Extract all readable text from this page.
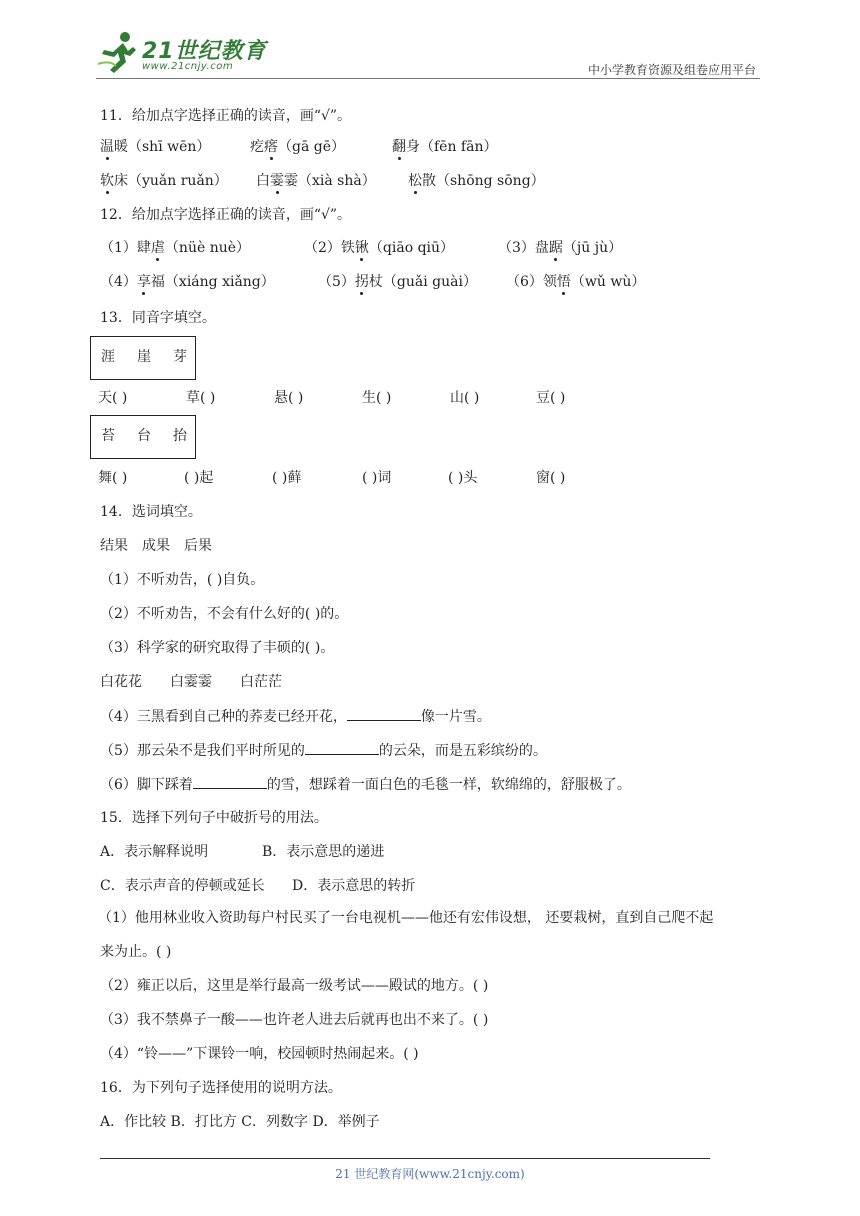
21世纪教育
www.21cnjy.com	中小学教育资源及组卷应用平台
11．给加点字选择正确的读音，画“√”。
温暖（shī wēn）	疙瘩（gā gē）	翻身（fēn fān）
软床（yuǎn ruǎn） 白霎霎（xià shà） 松散（shōng sōng）
12．给加点字选择正确的读音，画“√”。
（1）肆虐（nüè nuè）	（2）铁锹（qiāo qiū）	（3）盘踞（jū jù）
（4）享福（xiáng xiǎng）	（5）拐杖（guǎi guài） （6）领悟（wǔ wù）
13．同音字填空。
涯 崖 芽
天( )	草( )	悬( )	生( )	山( )	豆( )
苔 台 抬
舞( )	( )起	( )藓	( )词	( )头	窗( )
14．选词填空。
结果　成果　后果
（1）不听劝告，( )自负。
（2）不听劝告，不会有什么好的( )的。
（3）科学家的研究取得了丰硕的( )。
白花花　　白霎霎　　白茫茫
（4）三黑看到自己种的荞麦已经开花，	像一片雪。
（5）那云朵不是我们平时所见的	的云朵，而是五彩缤纷的。
（6）脚下踩着	的雪，想踩着一面白色的毛毯一样，软绵绵的，舒服极了。
15．选择下列句子中破折号的用法。
A．表示解释说明	B．表示意思的递进
C．表示声音的停顿或延长 D．表示意思的转折
（1）他用林业收入资助每户村民买了一台电视机——他还有宏伟设想， 还要栽树，直到自己爬不起
来为止。( )
（2）雍正以后，这里是举行最高一级考试——殿试的地方。( )
（3）我不禁鼻子一酸——也许老人进去后就再也出不来了。( )
（4）“铃——”下课铃一响，校园顿时热闹起来。( )
16．为下列句子选择使用的说明方法。
A．作比较 B．打比方 C．列数字 D．举例子
21 世纪教育网(www.21cnjy.com)
